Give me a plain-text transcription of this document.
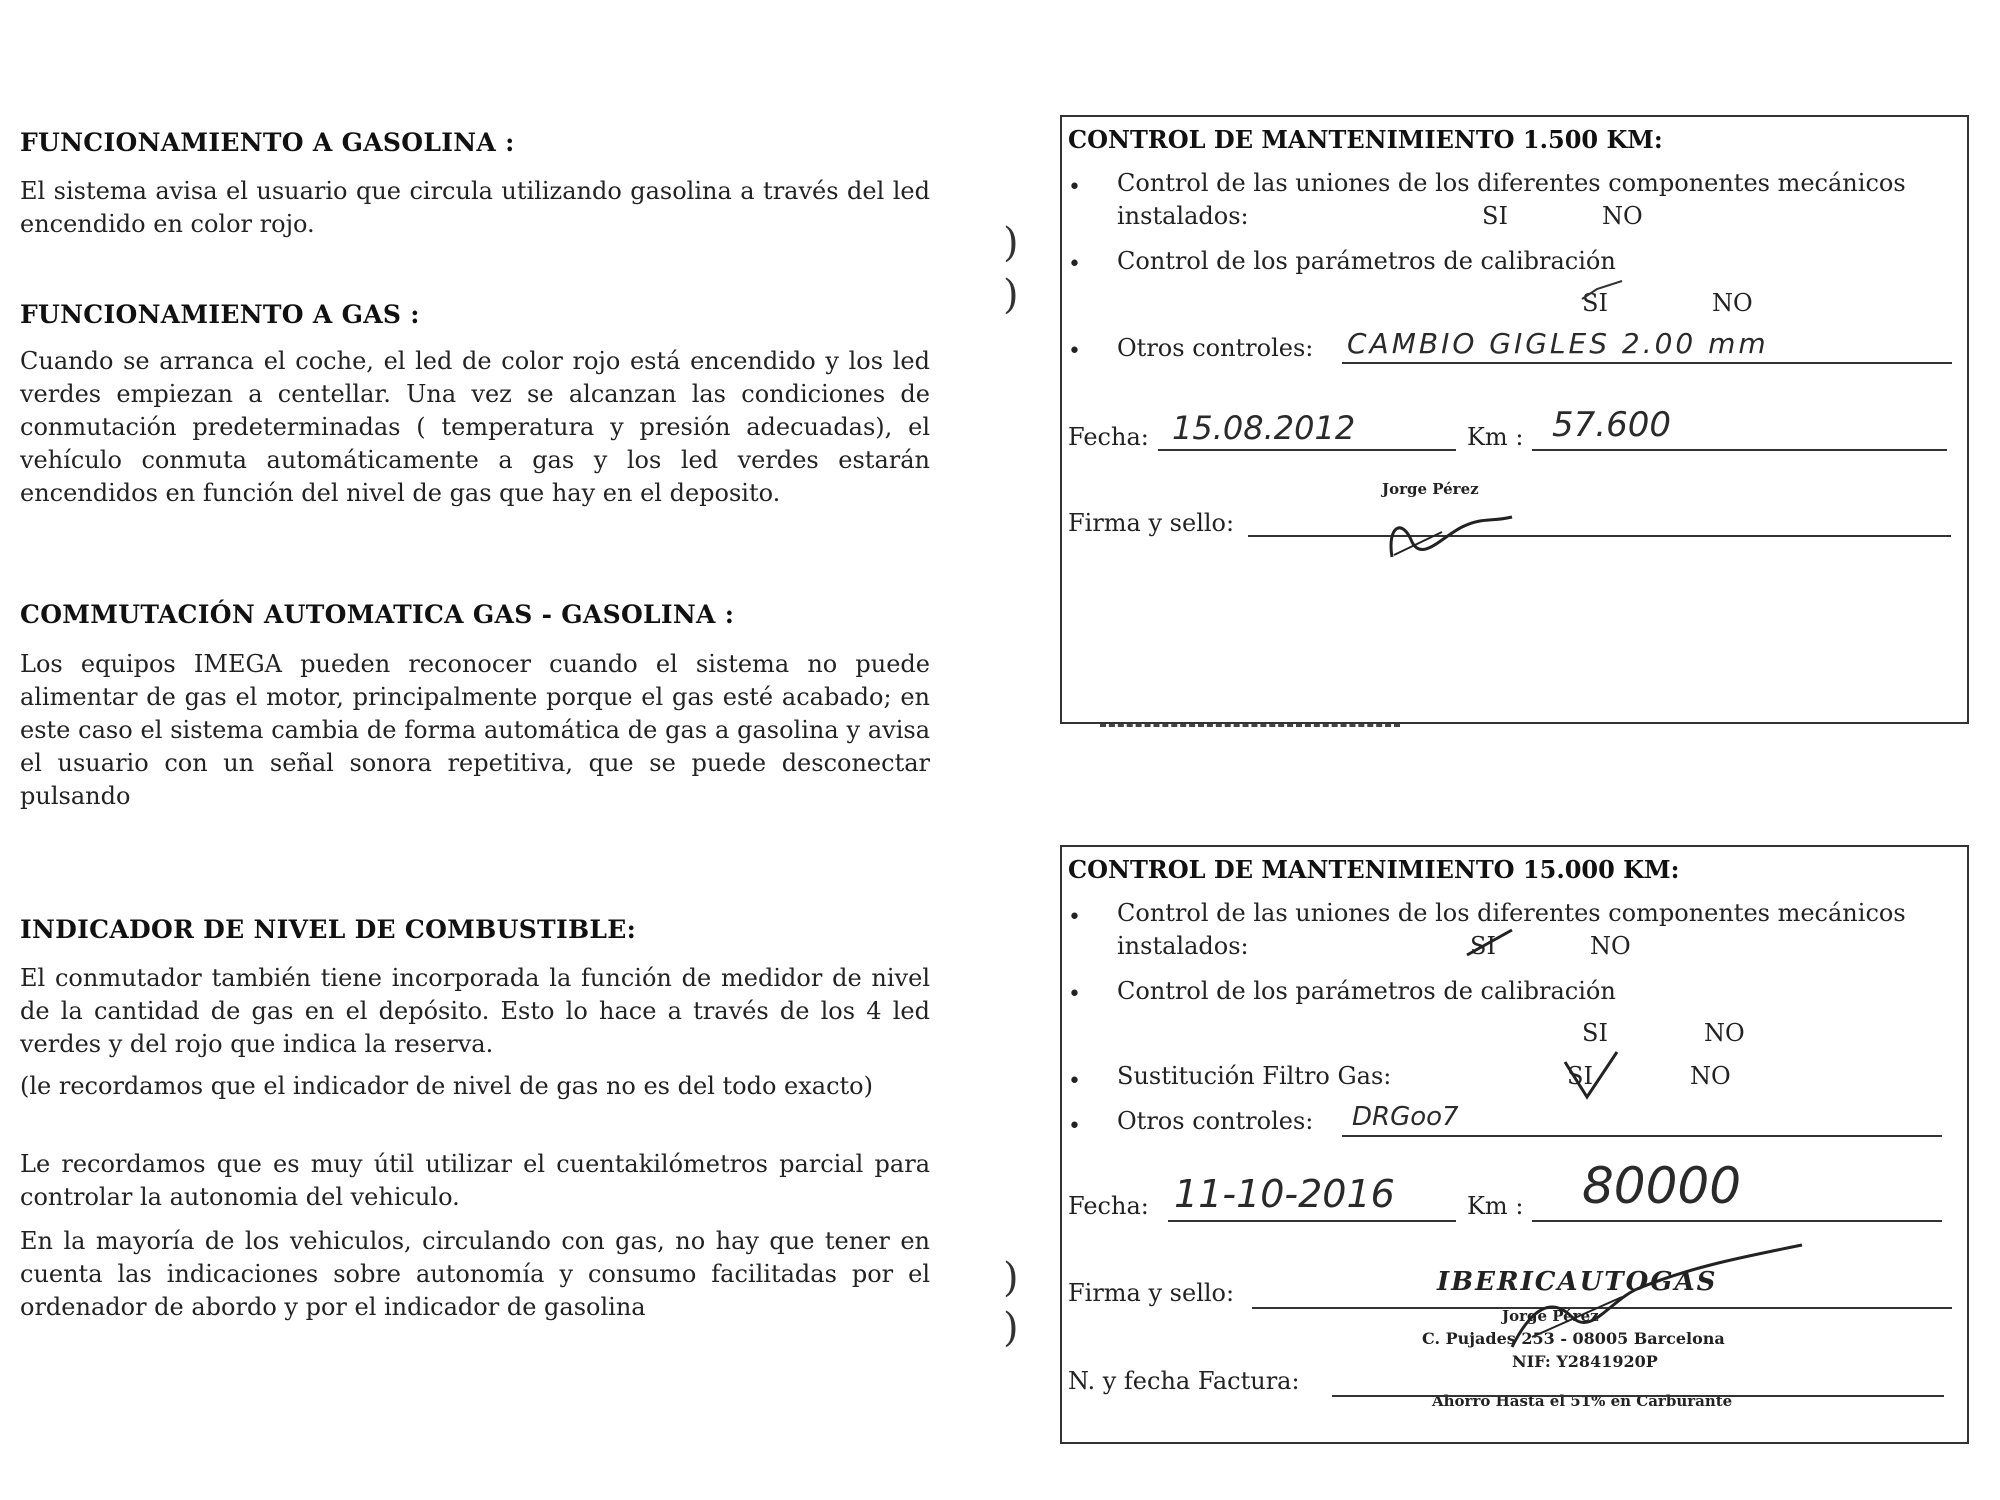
FUNCIONAMIENTO A GASOLINA :
El sistema avisa el usuario que circula utilizando gasolina a través del led encendido en color rojo.
FUNCIONAMIENTO A GAS :
Cuando se arranca el coche, el led de color rojo está encendido y los led verdes empiezan a centellar. Una vez se alcanzan las condiciones de conmutación predeterminadas ( temperatura y presión adecuadas), el vehículo conmuta automáticamente a gas y los led verdes estarán encendidos en función del nivel de gas que hay en el deposito.
COMMUTACIÓN AUTOMATICA GAS - GASOLINA :
Los equipos IMEGA pueden reconocer cuando el sistema no puede alimentar de gas el motor, principalmente porque el gas esté acabado; en este caso el sistema cambia de forma automática de gas a gasolina y avisa el usuario con un señal sonora repetitiva, que se puede desconectar pulsando
INDICADOR DE NIVEL DE COMBUSTIBLE:
El conmutador también tiene incorporada la función de medidor de nivel de la cantidad de gas en el depósito. Esto lo hace a través de los 4 led verdes y del rojo que indica la reserva.
(le recordamos que el indicador de nivel de gas no es del todo exacto)
Le recordamos que es muy útil utilizar el cuentakilómetros parcial para controlar la autonomia del vehiculo.
En la mayoría de los vehiculos, circulando con gas, no hay que tener en cuenta las indicaciones sobre autonomía y consumo facilitadas por el ordenador de abordo y por el indicador de gasolina
)
)
)
)
CONTROL DE MANTENIMIENTO 1.500 KM:
• Control de las uniones de los diferentes componentes mecánicos instalados:	SI	NO
• Control de los parámetros de calibración
SI	NO
• Otros controles: CAMBIO GIGLES 2.00 mm
Fecha: 15.08.2012	Km : 57.600
Firma y sello:
Jorge Pérez
CONTROL DE MANTENIMIENTO 15.000 KM:
• Control de las uniones de los diferentes componentes mecánicos instalados:	SI	NO
• Control de los parámetros de calibración
SI	NO
• Sustitución Filtro Gas:	SI	NO
• Otros controles: DRGoo7
Fecha: 11-10-2016	Km : 80000
Firma y sello:	IBERICAUTOGAS
Jorge Pérez
C. Pujades 253 - 08005 Barcelona
NIF: Y2841920P
Ahorro Hasta el 51% en Carburante
N. y fecha Factura:
